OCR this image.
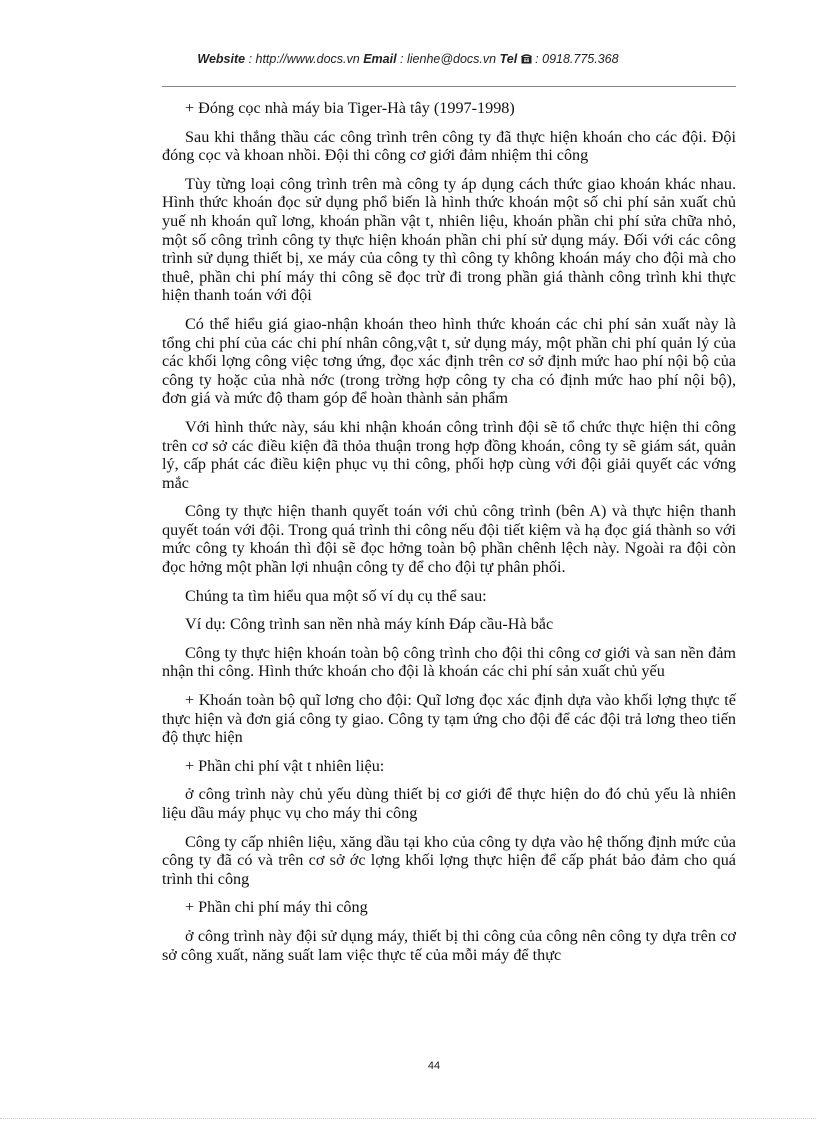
Website : http://www.docs.vn Email : lienhe@docs.vn Tel  : 0918.775.368

+ Đóng cọc nhà máy bia Tiger-Hà tây (1997-1998)

Sau khi thắng thầu các công trình trên công ty đã thực hiện khoán cho các đội. Đội đóng cọc và khoan nhồi. Đội thi công cơ giới đảm nhiệm thi công

Tùy từng loại công trình trên mà công ty áp dụng cách thức giao khoán khác nhau. Hình thức khoán đọc sử dụng phổ biến là hình thức khoán một số chi phí sản xuất chủ yuế nh khoán quĩ lơng, khoán phần vật t, nhiên liệu, khoán phần chi phí sửa chữa nhỏ, một số công trình công ty thực hiện khoán phần chi phí sử dụng máy. Đối với các công trình sử dụng thiết bị, xe máy của công ty thì công ty không khoán máy cho đội mà cho thuê, phần chi phí máy thi công sẽ đọc trừ đi trong phần giá thành công trình khi thực hiện thanh toán với đội

Có thể hiểu giá giao-nhận khoán theo hình thức khoán các chi phí sản xuất này là tổng chi phí của các chi phí nhân công,vật t, sử dụng máy, một phần chi phí quản lý của các khối lợng công việc tơng ứng, đọc xác định trên cơ sở định mức hao phí nội bộ của công ty hoặc của nhà nớc (trong trờng hợp công ty cha có định mức hao phí nội bộ), đơn giá và mức độ tham góp để hoàn thành sản phẩm

Với hình thức này, sáu khi nhận khoán công trình đội sẽ tổ chức thực hiện thi công trên cơ sở các điều kiện đã thỏa thuận trong hợp đồng khoán, công ty sẽ giám sát, quản lý, cấp phát các điều kiện phục vụ thi công, phối hợp cùng với đội giải quyết các vớng mắc

Công ty thực hiện thanh quyết toán với chủ công trình (bên A) và thực hiện thanh quyết toán với đội. Trong quá trình thi công nếu đội tiết kiệm và hạ đọc giá thành so với mức công ty khoán thì đội sẽ đọc hởng toàn bộ phần chênh lệch này. Ngoài ra đội còn đọc hởng một phần lợi nhuận công ty để cho đội tự phân phối.

Chúng ta tìm hiểu qua một số ví dụ cụ thể sau:

Ví dụ: Công trình san nền nhà máy kính Đáp cầu-Hà bắc

Công ty thực hiện khoán toàn bộ công trình cho đội thi công cơ giới và san nền đảm nhận thi công. Hình thức khoán cho đội là khoán các chi phí sản xuất chủ yếu

+ Khoán toàn bộ quĩ lơng cho đội: Quĩ lơng đọc xác định dựa vào khối lợng thực tế thực hiện và đơn giá công ty giao. Công ty tạm ứng cho đội để các đội trả lơng theo tiến độ thực hiện

+ Phần chi phí vật t nhiên liệu:

ở công trình này chủ yếu dùng thiết bị cơ giới để thực hiện do đó chủ yếu là nhiên liệu dầu máy phục vụ cho máy thi công

Công ty cấp nhiên liệu, xăng dầu tại kho của công ty dựa vào hệ thống định mức của công ty đã có và trên cơ sở ớc lợng khối lợng thực hiện để cấp phát bảo đảm cho quá trình thi công

+ Phần chi phí máy thi công

ở công trình này đội sử dụng máy, thiết bị thi công của công nên công ty dựa trên cơ sở công xuất, năng suất lam việc thực tế của mỗi máy để thực

44
